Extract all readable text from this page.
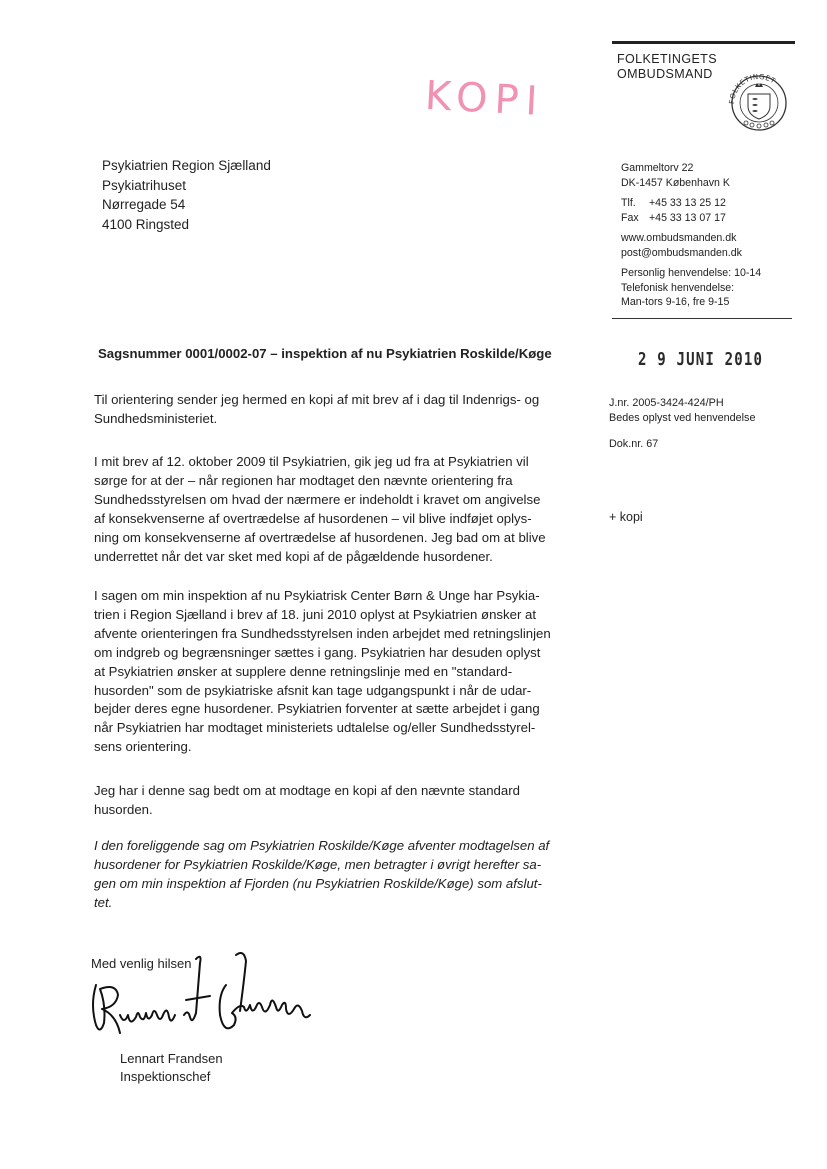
FOLKETINGETS
OMBUDSMAND
FOLKETINGET
KOPI
Psykiatrien Region Sjælland
Psykiatrihuset
Nørregade 54
4100 Ringsted
Gammeltorv 22
DK-1457 København K
Tlf. +45 33 13 25 12
Fax +45 33 13 07 17
www.ombudsmanden.dk
post@ombudsmanden.dk
Personlig henvendelse: 10-14
Telefonisk henvendelse:
Man-tors 9-16, fre 9-15
Sagsnummer 0001/0002-07 – inspektion af nu Psykiatrien Roskilde/Køge	2 9 JUNI 2010
J.nr. 2005-3424-424/PH
Bedes oplyst ved henvendelse
Dok.nr. 67
+ kopi
Til orientering sender jeg hermed en kopi af mit brev af i dag til Indenrigs- og
Sundhedsministeriet.
I mit brev af 12. oktober 2009 til Psykiatrien, gik jeg ud fra at Psykiatrien vil
sørge for at der – når regionen har modtaget den nævnte orientering fra
Sundhedsstyrelsen om hvad der nærmere er indeholdt i kravet om angivelse
af konsekvenserne af overtrædelse af husordenen – vil blive indføjet oplys-
ning om konsekvenserne af overtrædelse af husordenen. Jeg bad om at blive
underrettet når det var sket med kopi af de pågældende husordener.
I sagen om min inspektion af nu Psykiatrisk Center Børn & Unge har Psykia-
trien i Region Sjælland i brev af 18. juni 2010 oplyst at Psykiatrien ønsker at
afvente orienteringen fra Sundhedsstyrelsen inden arbejdet med retningslinjen
om indgreb og begrænsninger sættes i gang. Psykiatrien har desuden oplyst
at Psykiatrien ønsker at supplere denne retningslinje med en "standard-
husorden" som de psykiatriske afsnit kan tage udgangspunkt i når de udar-
bejder deres egne husordener. Psykiatrien forventer at sætte arbejdet i gang
når Psykiatrien har modtaget ministeriets udtalelse og/eller Sundhedsstyrel-
sens orientering.
Jeg har i denne sag bedt om at modtage en kopi af den nævnte standard
husorden.
I den foreliggende sag om Psykiatrien Roskilde/Køge afventer modtagelsen af
husordener for Psykiatrien Roskilde/Køge, men betragter i øvrigt herefter sa-
gen om min inspektion af Fjorden (nu Psykiatrien Roskilde/Køge) som afslut-
tet.
Med venlig hilsen
Lennart Frandsen
Inspektionschef
